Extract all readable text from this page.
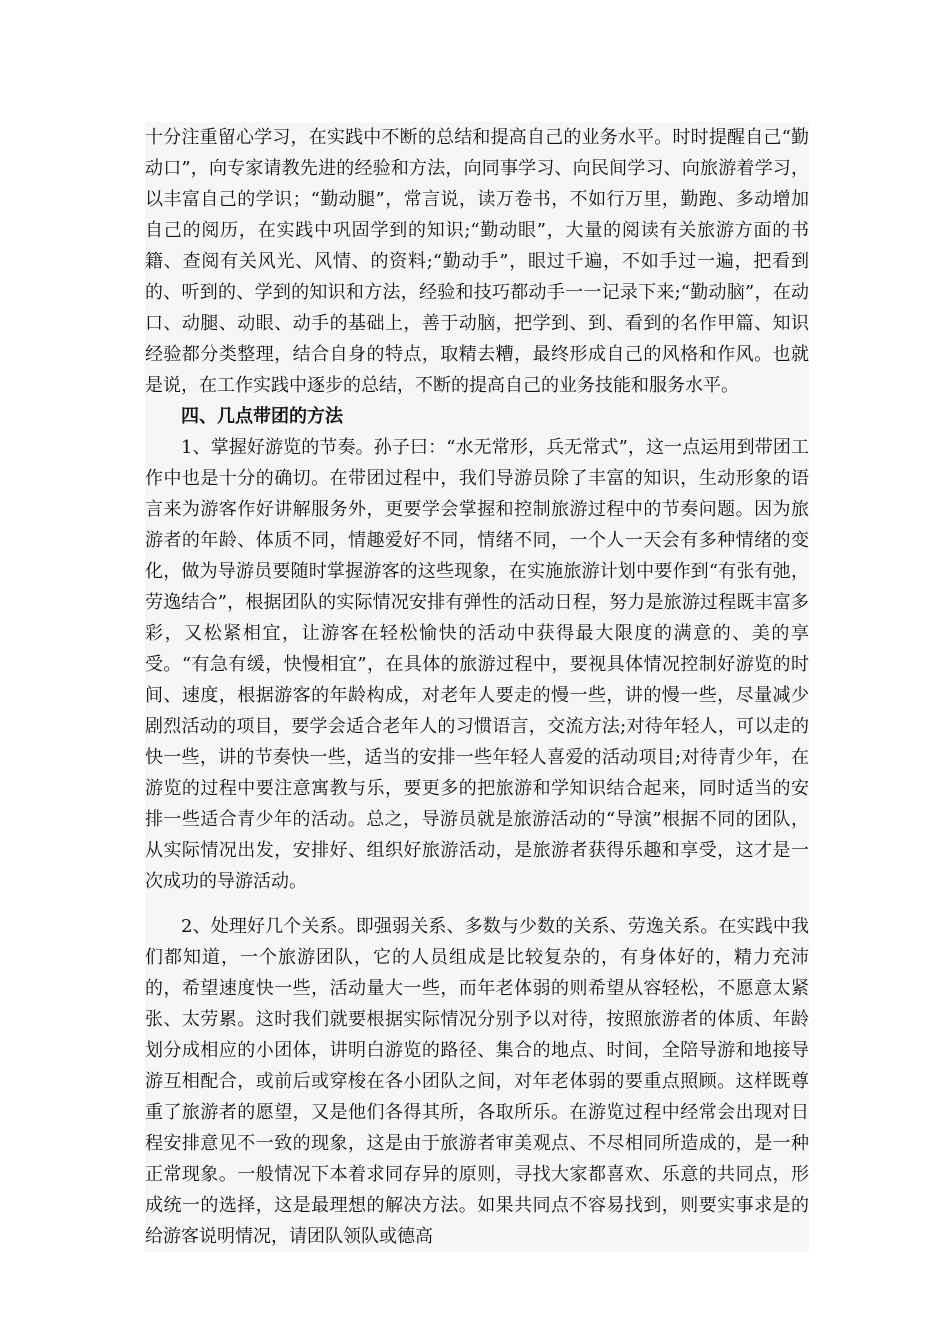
十分注重留心学习，在实践中不断的总结和提高自己的业务水平。时时提醒自己“勤动口”，向专家请教先进的经验和方法，向同事学习、向民间学习、向旅游着学习，以丰富自己的学识；“勤动腿”，常言说，读万卷书，不如行万里，勤跑、多动增加自己的阅历，在实践中巩固学到的知识;“勤动眼”，大量的阅读有关旅游方面的书籍、查阅有关风光、风情、的资料;“勤动手”，眼过千遍，不如手过一遍，把看到的、听到的、学到的知识和方法，经验和技巧都动手一一记录下来;“勤动脑”，在动口、动腿、动眼、动手的基础上，善于动脑，把学到、到、看到的名作甲篇、知识经验都分类整理，结合自身的特点，取精去糟，最终形成自己的风格和作风。也就是说，在工作实践中逐步的总结，不断的提高自己的业务技能和服务水平。

四、几点带团的方法

1、掌握好游览的节奏。孙子曰：“水无常形，兵无常式”，这一点运用到带团工作中也是十分的确切。在带团过程中，我们导游员除了丰富的知识，生动形象的语言来为游客作好讲解服务外，更要学会掌握和控制旅游过程中的节奏问题。因为旅游者的年龄、体质不同，情趣爱好不同，情绪不同，一个人一天会有多种情绪的变化，做为导游员要随时掌握游客的这些现象，在实施旅游计划中要作到“有张有弛，劳逸结合”，根据团队的实际情况安排有弹性的活动日程，努力是旅游过程既丰富多彩，又松紧相宜，让游客在轻松愉快的活动中获得最大限度的满意的、美的享受。“有急有缓，快慢相宜”，在具体的旅游过程中，要视具体情况控制好游览的时间、速度，根据游客的年龄构成，对老年人要走的慢一些，讲的慢一些，尽量减少剧烈活动的项目，要学会适合老年人的习惯语言，交流方法;对待年轻人，可以走的快一些，讲的节奏快一些，适当的安排一些年轻人喜爱的活动项目;对待青少年，在游览的过程中要注意寓教与乐，要更多的把旅游和学知识结合起来，同时适当的安排一些适合青少年的活动。总之，导游员就是旅游活动的“导演”根据不同的团队，从实际情况出发，安排好、组织好旅游活动，是旅游者获得乐趣和享受，这才是一次成功的导游活动。

2、处理好几个关系。即强弱关系、多数与少数的关系、劳逸关系。在实践中我们都知道，一个旅游团队，它的人员组成是比较复杂的，有身体好的，精力充沛的，希望速度快一些，活动量大一些，而年老体弱的则希望从容轻松，不愿意太紧张、太劳累。这时我们就要根据实际情况分别予以对待，按照旅游者的体质、年龄划分成相应的小团体，讲明白游览的路径、集合的地点、时间，全陪导游和地接导游互相配合，或前后或穿梭在各小团队之间，对年老体弱的要重点照顾。这样既尊重了旅游者的愿望，又是他们各得其所，各取所乐。在游览过程中经常会出现对日程安排意见不一致的现象，这是由于旅游者审美观点、不尽相同所造成的，是一种正常现象。一般情况下本着求同存异的原则，寻找大家都喜欢、乐意的共同点，形成统一的选择，这是最理想的解决方法。如果共同点不容易找到，则要实事求是的给游客说明情况，请团队领队或德高
